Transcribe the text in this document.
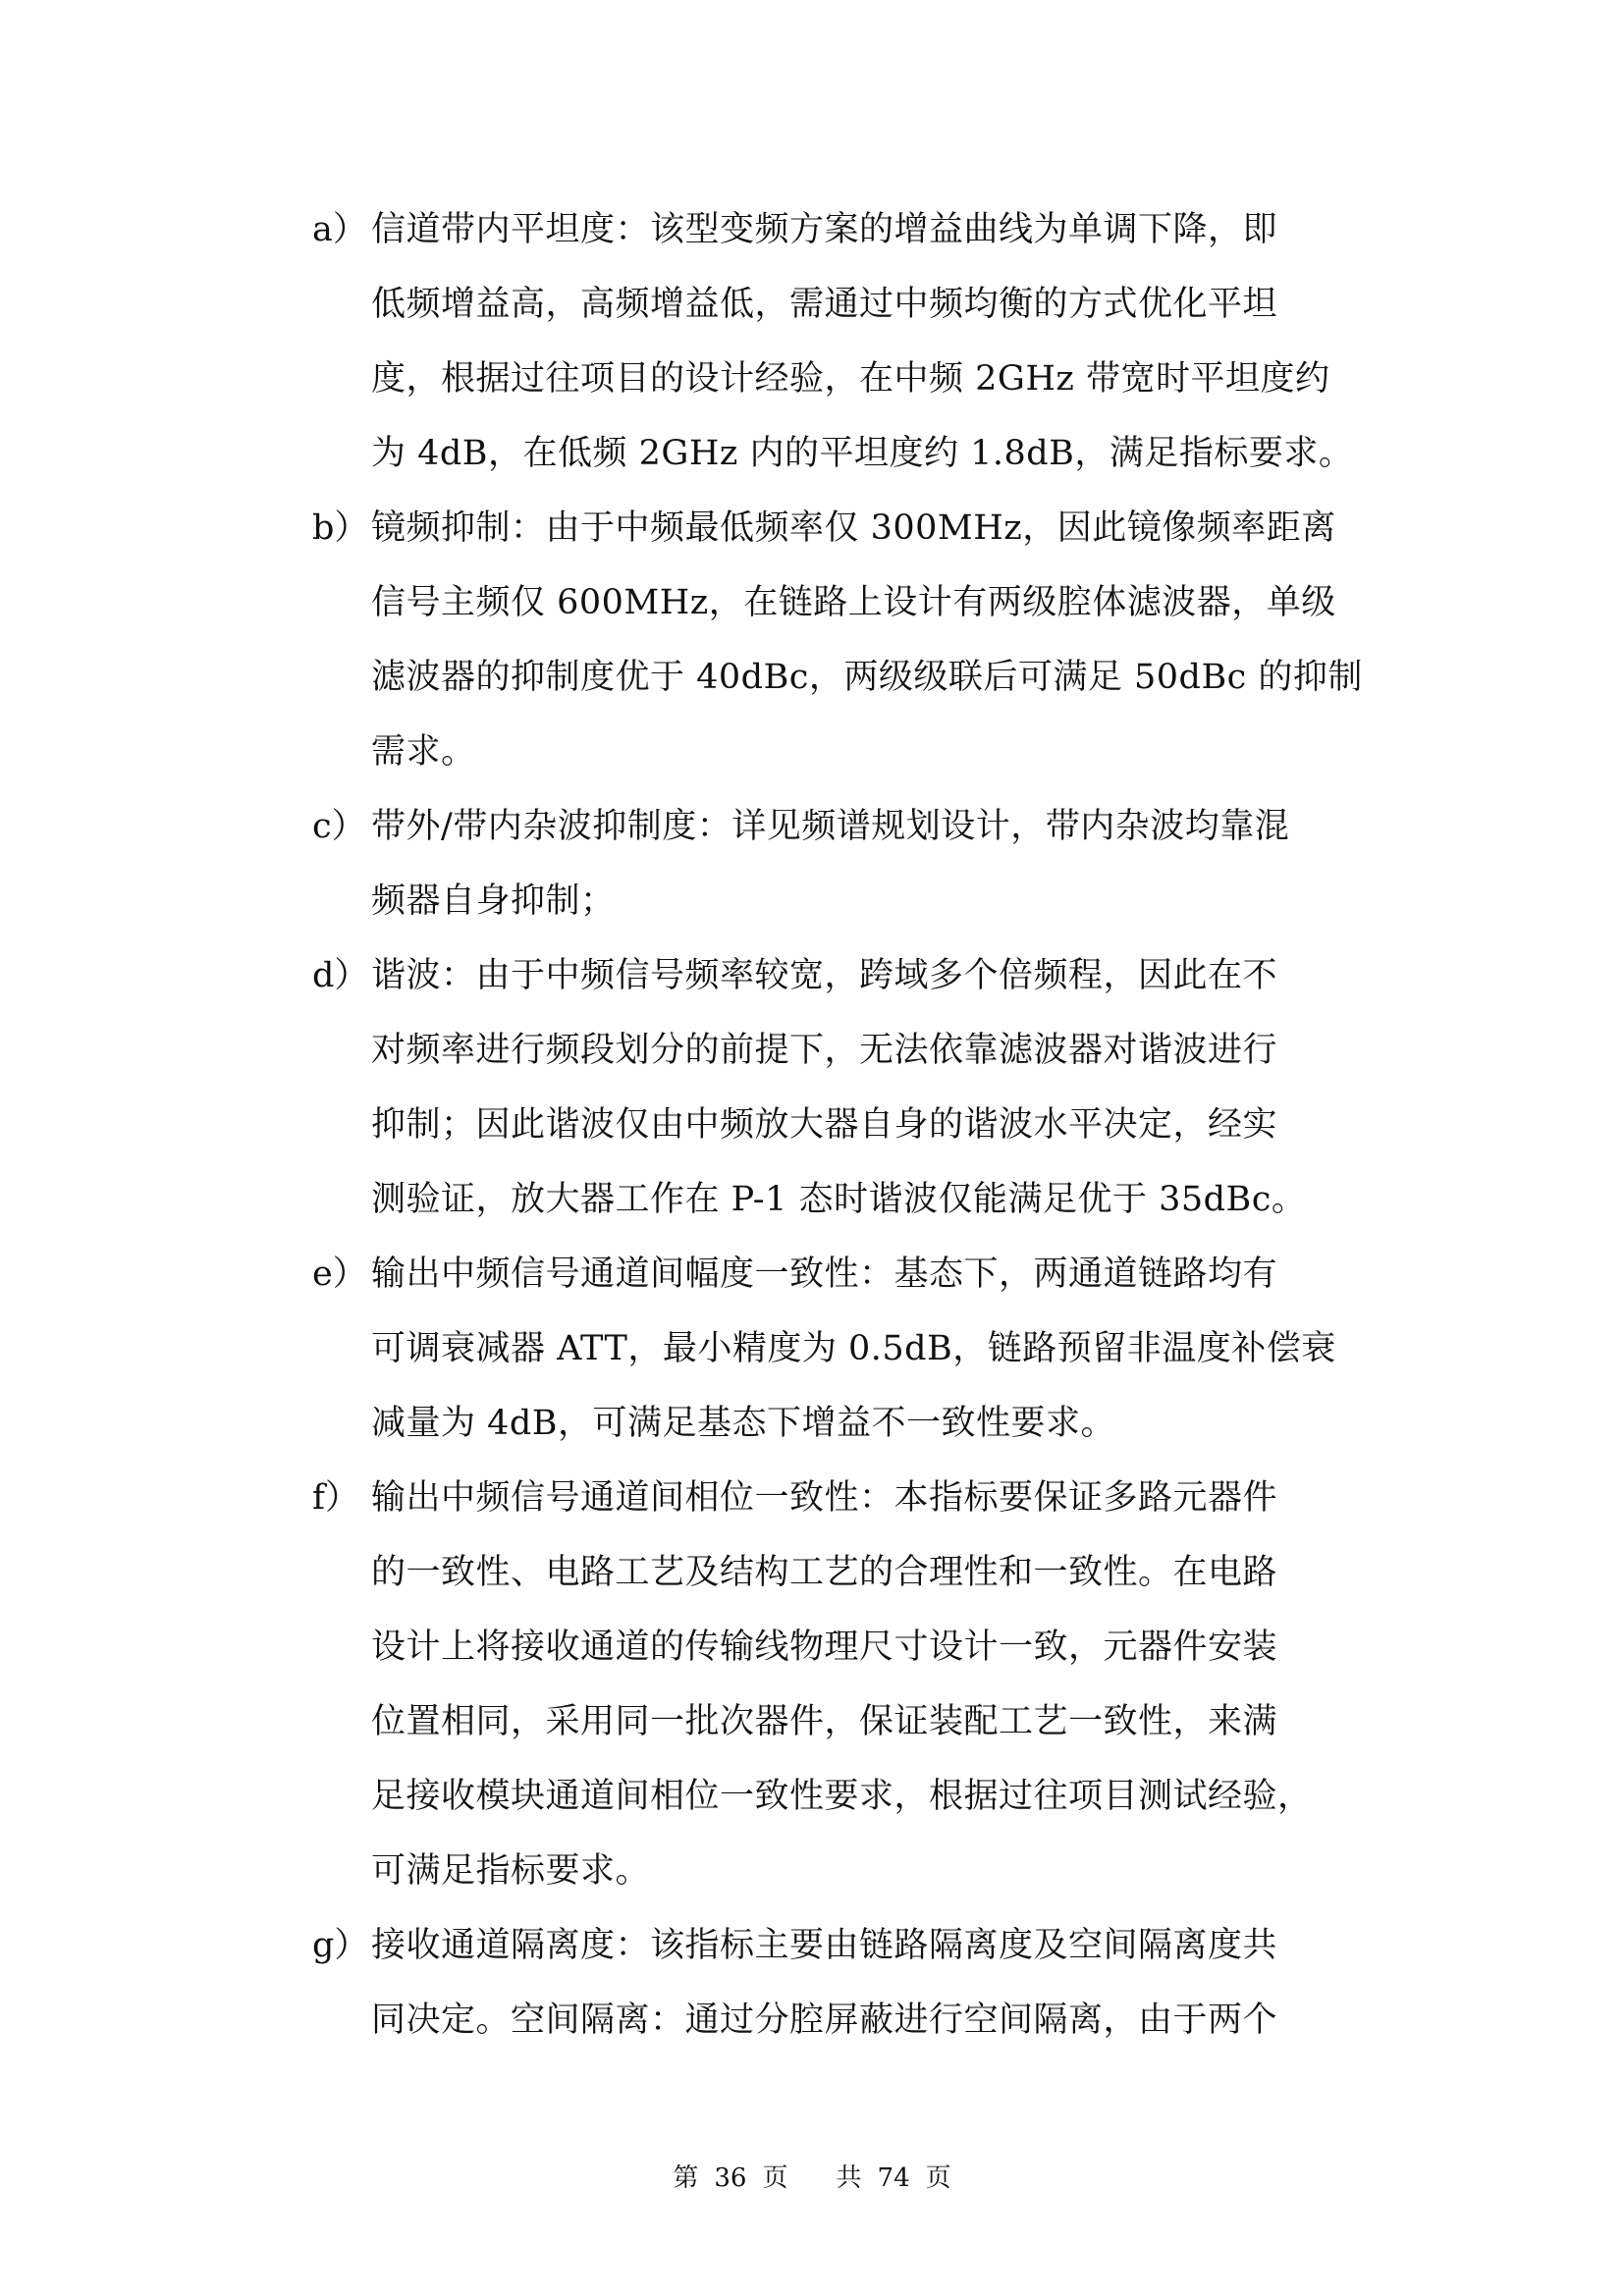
a） 信道带内平坦度：该型变频方案的增益曲线为单调下降，即
低频增益高，高频增益低，需通过中频均衡的方式优化平坦
度，根据过往项目的设计经验，在中频 2GHz 带宽时平坦度约
为 4dB，在低频 2GHz 内的平坦度约 1.8dB，满足指标要求。
b） 镜频抑制：由于中频最低频率仅 300MHz，因此镜像频率距离
信号主频仅 600MHz，在链路上设计有两级腔体滤波器，单级
滤波器的抑制度优于 40dBc，两级级联后可满足 50dBc 的抑制
需求。
c） 带外/带内杂波抑制度：详见频谱规划设计，带内杂波均靠混
频器自身抑制；
d） 谐波：由于中频信号频率较宽，跨域多个倍频程，因此在不
对频率进行频段划分的前提下，无法依靠滤波器对谐波进行
抑制；因此谐波仅由中频放大器自身的谐波水平决定，经实
测验证，放大器工作在 P-1 态时谐波仅能满足优于 35dBc。
e） 输出中频信号通道间幅度一致性：基态下，两通道链路均有
可调衰减器 ATT，最小精度为 0.5dB，链路预留非温度补偿衰
减量为 4dB，可满足基态下增益不一致性要求。
f） 输出中频信号通道间相位一致性：本指标要保证多路元器件
的一致性、电路工艺及结构工艺的合理性和一致性。在电路
设计上将接收通道的传输线物理尺寸设计一致，元器件安装
位置相同，采用同一批次器件，保证装配工艺一致性，来满
足接收模块通道间相位一致性要求，根据过往项目测试经验，
可满足指标要求。
g） 接收通道隔离度：该指标主要由链路隔离度及空间隔离度共
同决定。空间隔离：通过分腔屏蔽进行空间隔离，由于两个
第 36 页 共 74 页
